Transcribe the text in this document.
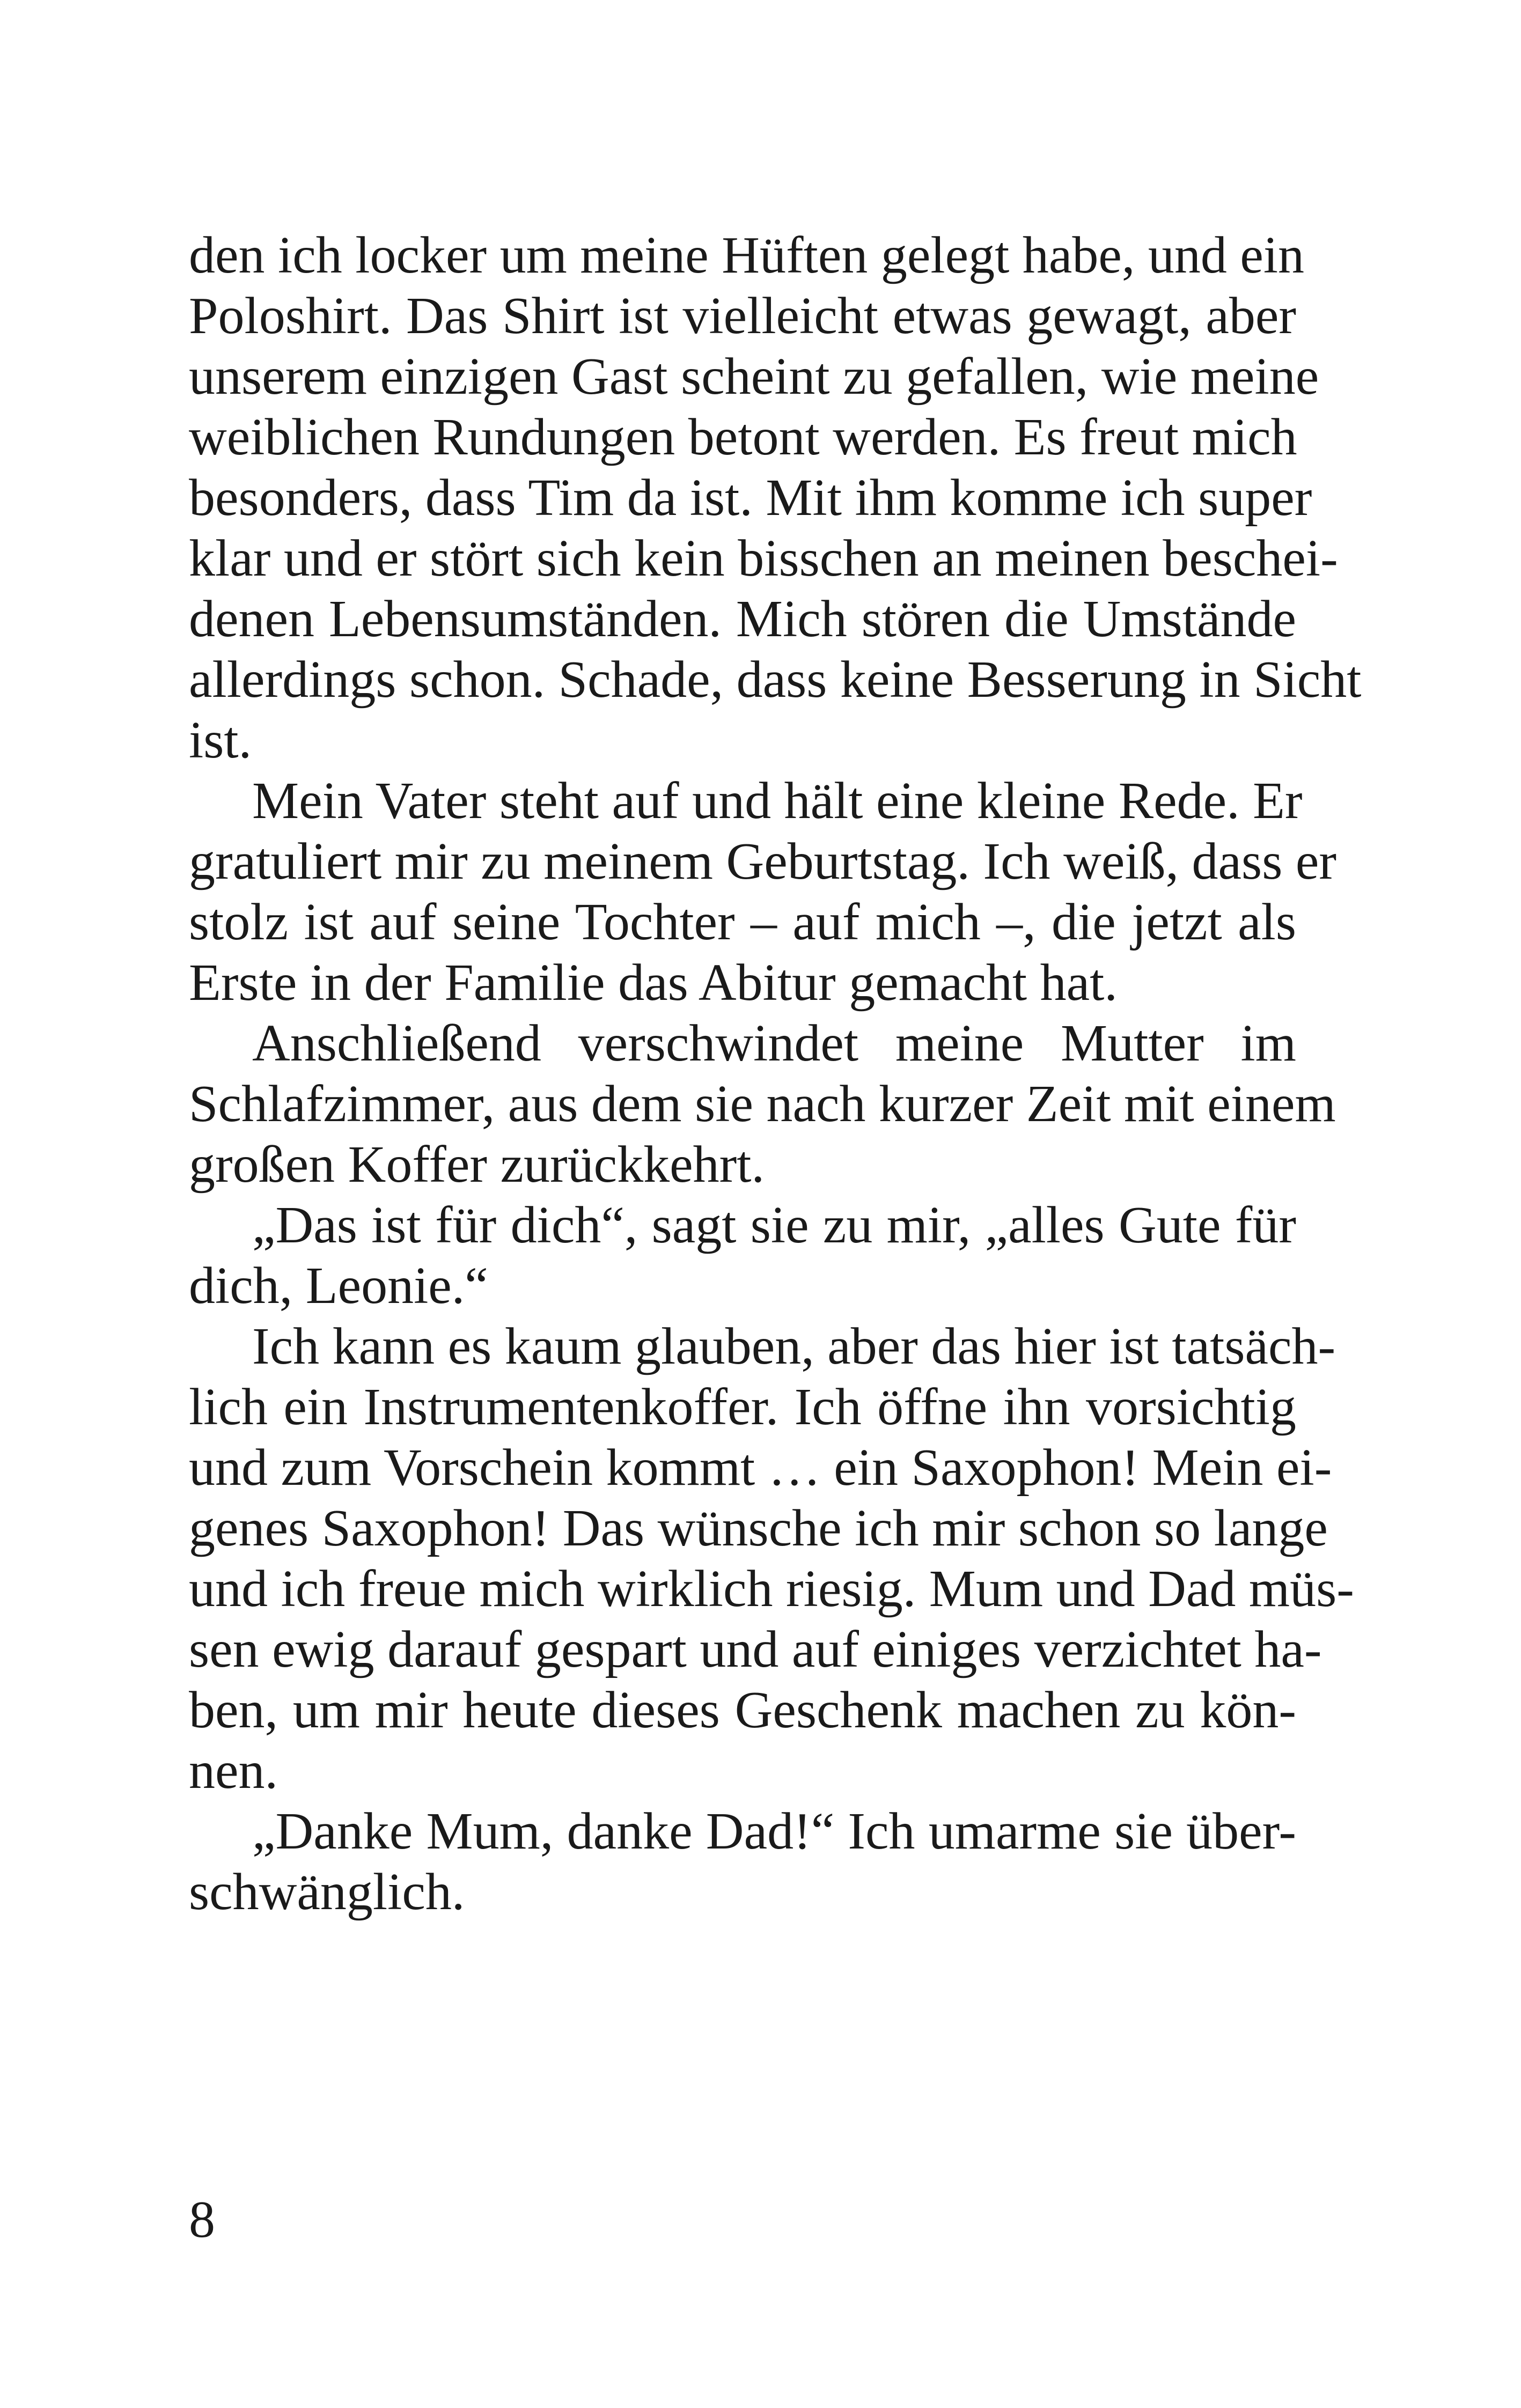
den ich locker um meine Hüften gelegt habe, und ein
Poloshirt. Das Shirt ist vielleicht etwas gewagt, aber
unserem einzigen Gast scheint zu gefallen, wie meine
weiblichen Rundungen betont werden. Es freut mich
besonders, dass Tim da ist. Mit ihm komme ich super
klar und er stört sich kein bisschen an meinen beschei-
denen Lebensumständen. Mich stören die Umstände
allerdings schon. Schade, dass keine Besserung in Sicht
ist.
Mein Vater steht auf und hält eine kleine Rede. Er
gratuliert mir zu meinem Geburtstag. Ich weiß, dass er
stolz ist auf seine Tochter – auf mich –, die jetzt als
Erste in der Familie das Abitur gemacht hat.
Anschließend verschwindet meine Mutter im
Schlafzimmer, aus dem sie nach kurzer Zeit mit einem
großen Koffer zurückkehrt.
„Das ist für dich“, sagt sie zu mir, „alles Gute für
dich, Leonie.“
Ich kann es kaum glauben, aber das hier ist tatsäch-
lich ein Instrumentenkoffer. Ich öffne ihn vorsichtig
und zum Vorschein kommt … ein Saxophon! Mein ei-
genes Saxophon! Das wünsche ich mir schon so lange
und ich freue mich wirklich riesig. Mum und Dad müs-
sen ewig darauf gespart und auf einiges verzichtet ha-
ben, um mir heute dieses Geschenk machen zu kön-
nen.
„Danke Mum, danke Dad!“ Ich umarme sie über-
schwänglich.
8
